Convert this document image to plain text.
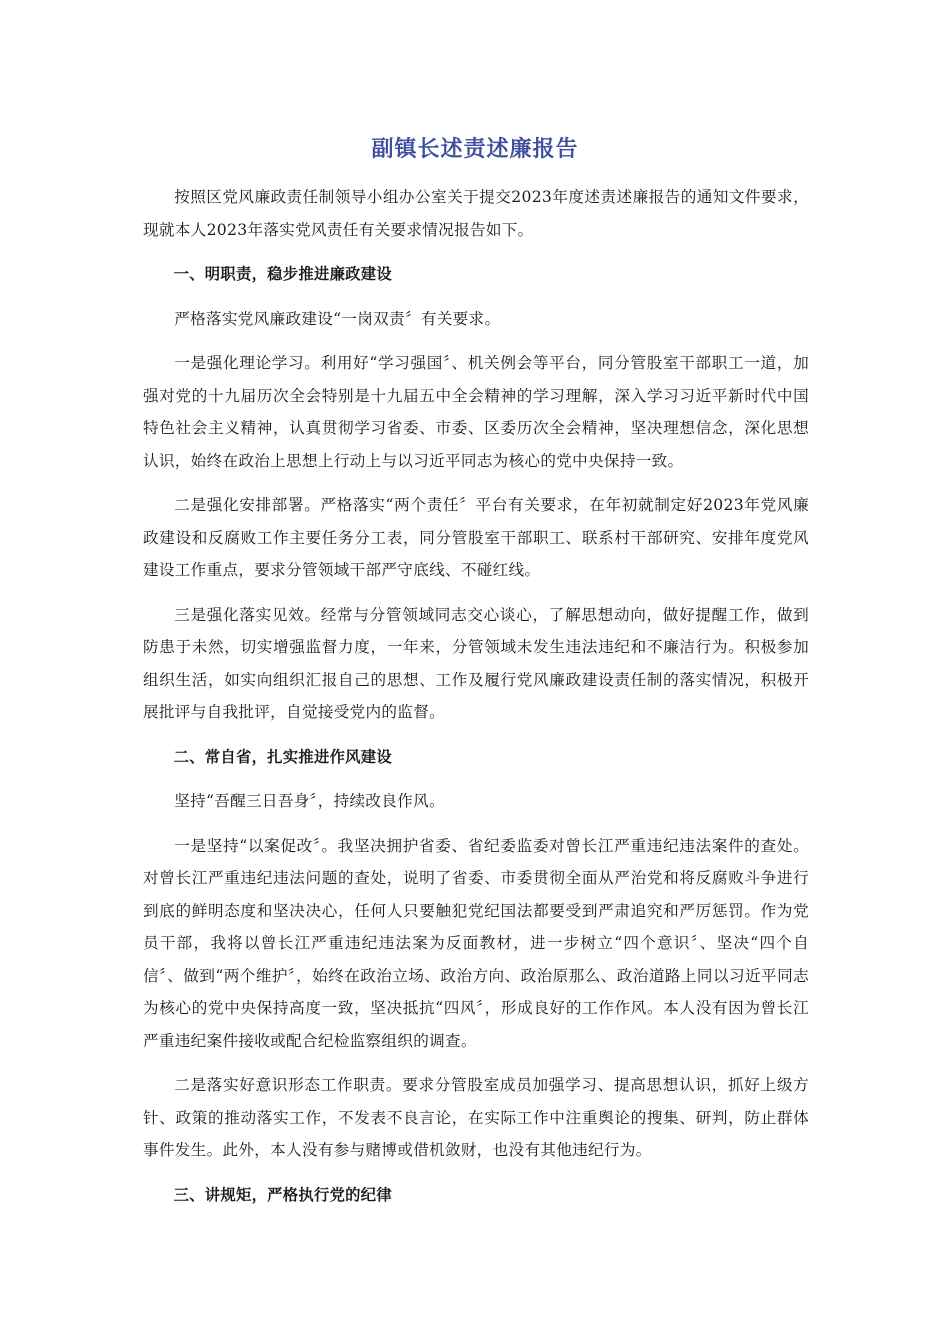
副镇长述责述廉报告

按照区党风廉政责任制领导小组办公室关于提交2023年度述责述廉报告的通知文件要求，现就本人2023年落实党风责任有关要求情况报告如下。

一、明职责，稳步推进廉政建设

严格落实党风廉政建设“一岗双责〞有关要求。

一是强化理论学习。利用好“学习强国〞、机关例会等平台，同分管股室干部职工一道，加强对党的十九届历次全会特别是十九届五中全会精神的学习理解，深入学习习近平新时代中国特色社会主义精神，认真贯彻学习省委、市委、区委历次全会精神，坚决理想信念，深化思想认识，始终在政治上思想上行动上与以习近平同志为核心的党中央保持一致。

二是强化安排部署。严格落实“两个责任〞平台有关要求，在年初就制定好2023年党风廉政建设和反腐败工作主要任务分工表，同分管股室干部职工、联系村干部研究、安排年度党风建设工作重点，要求分管领域干部严守底线、不碰红线。

三是强化落实见效。经常与分管领域同志交心谈心，了解思想动向，做好提醒工作，做到防患于未然，切实增强监督力度，一年来，分管领域未发生违法违纪和不廉洁行为。积极参加组织生活，如实向组织汇报自己的思想、工作及履行党风廉政建设责任制的落实情况，积极开展批评与自我批评，自觉接受党内的监督。

二、常自省，扎实推进作风建设

坚持“吾醒三日吾身〞，持续改良作风。

一是坚持“以案促改〞。我坚决拥护省委、省纪委监委对曾长江严重违纪违法案件的查处。对曾长江严重违纪违法问题的查处，说明了省委、市委贯彻全面从严治党和将反腐败斗争进行到底的鲜明态度和坚决决心，任何人只要触犯党纪国法都要受到严肃追究和严厉惩罚。作为党员干部，我将以曾长江严重违纪违法案为反面教材，进一步树立“四个意识〞、坚决“四个自信〞、做到“两个维护〞，始终在政治立场、政治方向、政治原那么、政治道路上同以习近平同志为核心的党中央保持高度一致，坚决抵抗“四风〞，形成良好的工作作风。本人没有因为曾长江严重违纪案件接收或配合纪检监察组织的调查。

二是落实好意识形态工作职责。要求分管股室成员加强学习、提高思想认识，抓好上级方针、政策的推动落实工作，不发表不良言论，在实际工作中注重舆论的搜集、研判，防止群体事件发生。此外，本人没有参与赌博或借机敛财，也没有其他违纪行为。

三、讲规矩，严格执行党的纪律
